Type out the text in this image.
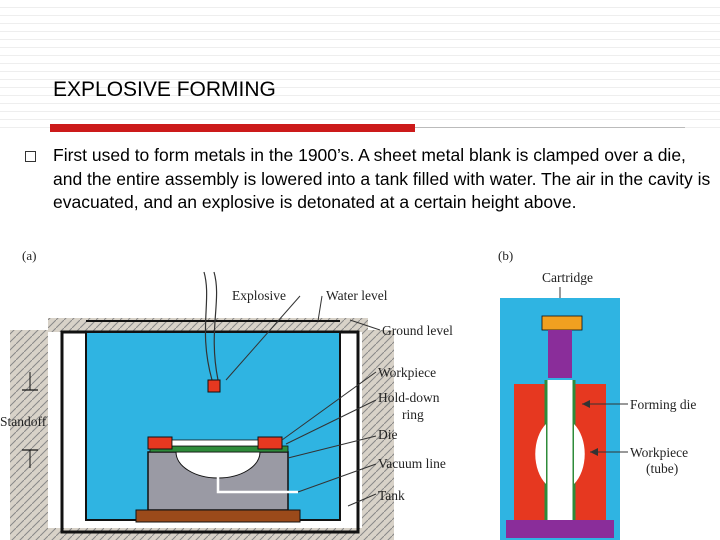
EXPLOSIVE FORMING
First used to form metals in the 1900’s. A sheet metal blank is clamped over a die, and the entire assembly is lowered into a tank filled with water. The air in the cavity is evacuated, and an explosive is detonated at a certain height above.
(a)
Standoff
Explosive	Water level
Ground level
Workpiece
Hold-down
ring
Die
Vacuum line
Tank
(b)
Cartridge
Forming die
Workpiece
(tube)
